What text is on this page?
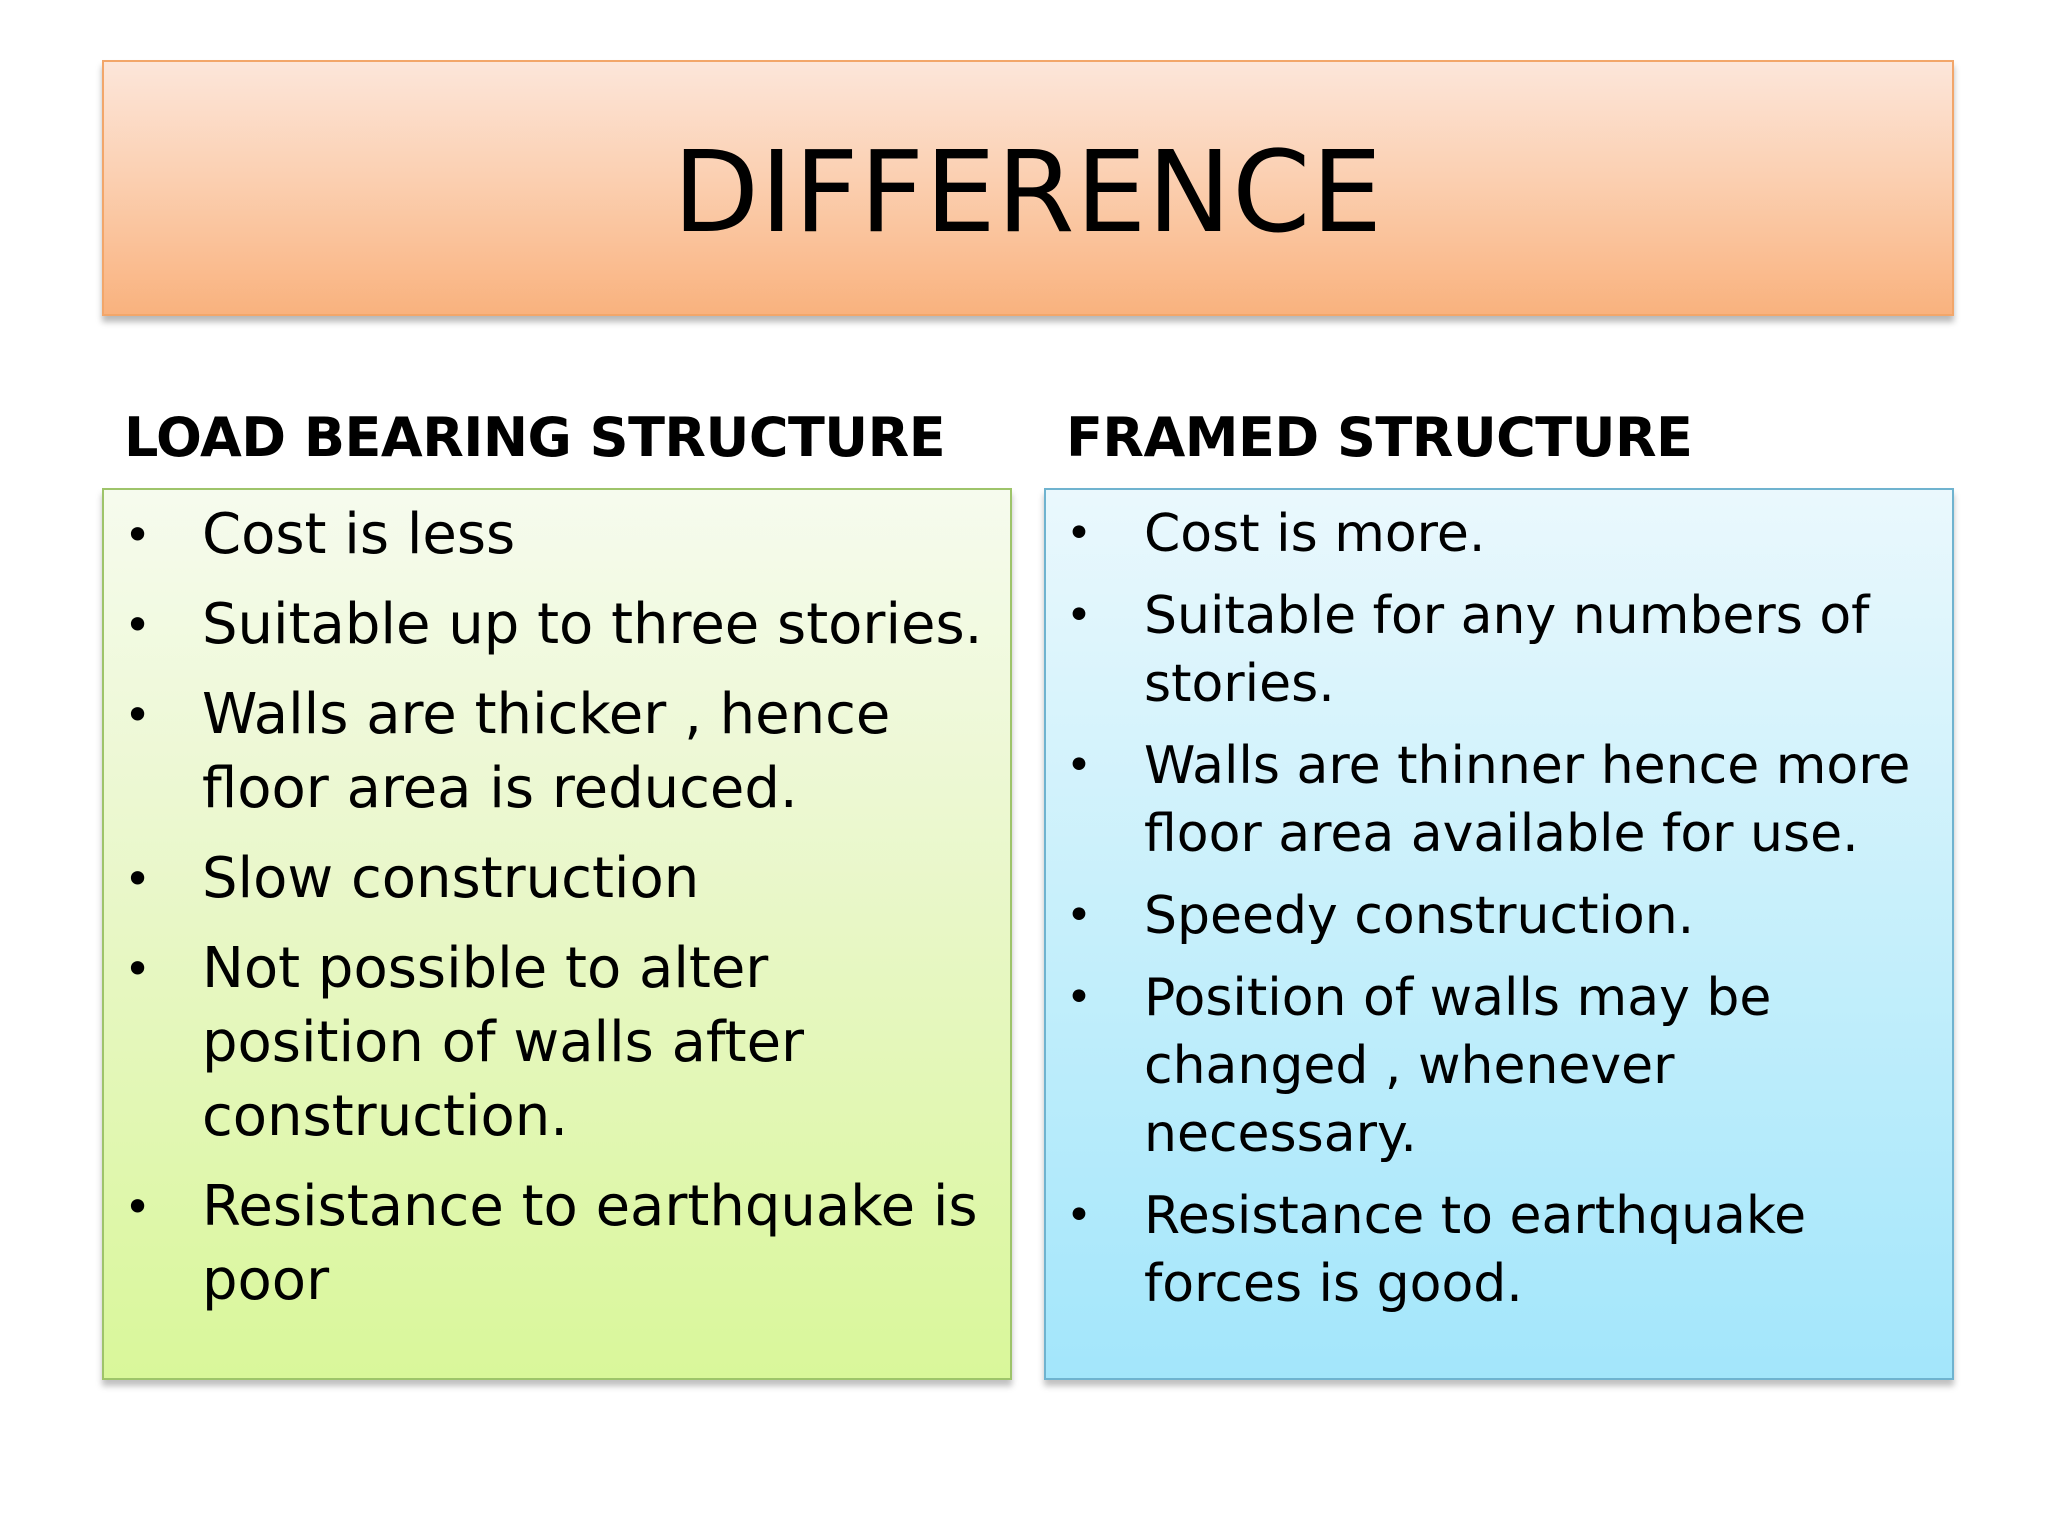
DIFFERENCE
LOAD BEARING STRUCTURE FRAMED STRUCTURE
• Cost is less
• Suitable up to three stories.
• Walls are thicker , hence floor area is reduced.
• Slow construction
• Not possible to alter position of walls after construction.
• Resistance to earthquake is poor
• Cost is more.
• Suitable for any numbers of stories.
• Walls are thinner hence more floor area available for use.
• Speedy construction.
• Position of walls may be changed , whenever necessary.
• Resistance to earthquake forces is good.
